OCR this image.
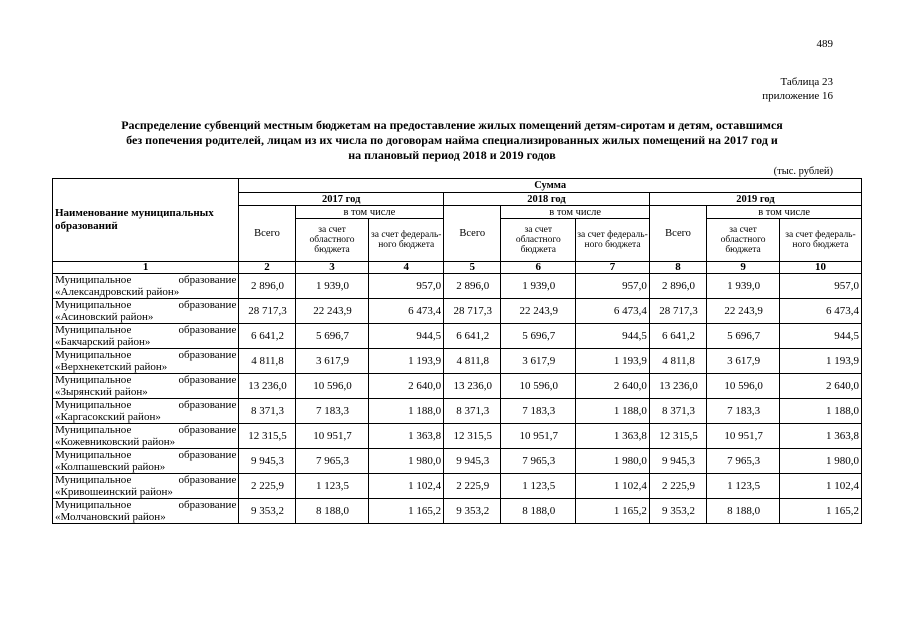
489
Таблица 23
приложение 16
Распределение субвенций местным бюджетам на предоставление жилых помещений детям-сиротам и детям, оставшимся
без попечения родителей, лицам из их числа по договорам найма специализированных жилых помещений на 2017 год и
на плановый период 2018 и 2019 годов
(тыс. рублей)
Наименование муниципальных образований	Сумма								
	2017 год			2018 год			2019 год		
	Всего	в том числе		Всего	в том числе		Всего	в том числе	
		за счет областного бюджета	за счет федераль-ного бюджета		за счет областного бюджета	за счет федераль-ного бюджета		за счет областного бюджета	за счет федераль-ного бюджета
1	2	3	4	5	6	7	8	9	10

Муниципальное образование
«Александровский район»	2 896,0	1 939,0	957,0	2 896,0	1 939,0	957,0	2 896,0	1 939,0	957,0

Муниципальное образование
«Асиновский район»	28 717,3	22 243,9	6 473,4	28 717,3	22 243,9	6 473,4	28 717,3	22 243,9	6 473,4

Муниципальное образование
«Бакчарский район»	6 641,2	5 696,7	944,5	6 641,2	5 696,7	944,5	6 641,2	5 696,7	944,5

Муниципальное образование
«Верхнекетский район»	4 811,8	3 617,9	1 193,9	4 811,8	3 617,9	1 193,9	4 811,8	3 617,9	1 193,9

Муниципальное образование
«Зырянский район»	13 236,0	10 596,0	2 640,0	13 236,0	10 596,0	2 640,0	13 236,0	10 596,0	2 640,0

Муниципальное образование
«Каргасокский район»	8 371,3	7 183,3	1 188,0	8 371,3	7 183,3	1 188,0	8 371,3	7 183,3	1 188,0

Муниципальное образование
«Кожевниковский район»	12 315,5	10 951,7	1 363,8	12 315,5	10 951,7	1 363,8	12 315,5	10 951,7	1 363,8

Муниципальное образование
«Колпашевский район»	9 945,3	7 965,3	1 980,0	9 945,3	7 965,3	1 980,0	9 945,3	7 965,3	1 980,0

Муниципальное образование
«Кривошеинский район»	2 225,9	1 123,5	1 102,4	2 225,9	1 123,5	1 102,4	2 225,9	1 123,5	1 102,4

Муниципальное образование
«Молчановский район»	9 353,2	8 188,0	1 165,2	9 353,2	8 188,0	1 165,2	9 353,2	8 188,0	1 165,2
